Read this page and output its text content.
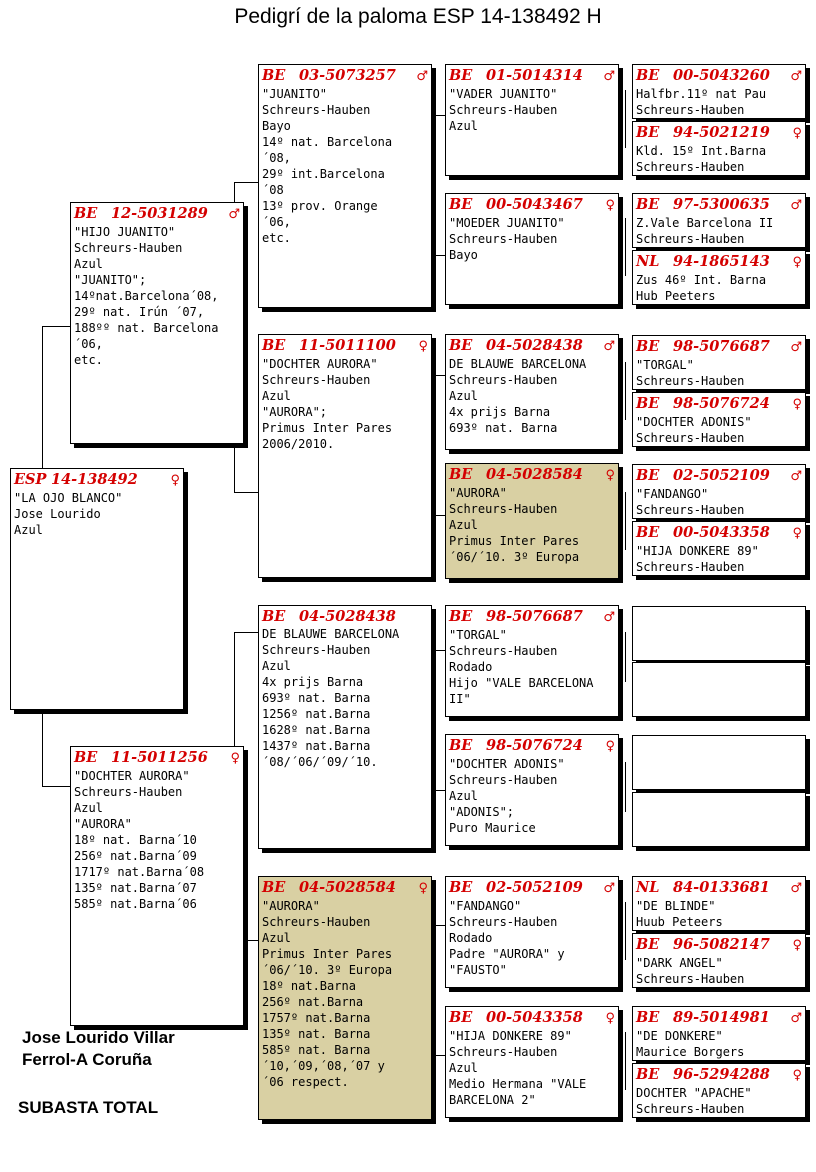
Pedigrí de la paloma ESP 14-138492 H
ESP 14-138492	♀
"LA OJO BLANCO"
Jose Lourido
Azul
BE 12-5031289 ♂
"HIJO JUANITO"
Schreurs-Hauben
Azul
"JUANITO";
14ºnat.Barcelona´08,
29º nat. Irún ´07,
188ºº nat. Barcelona
´06,
etc.
BE 11-5011256 ♀
"DOCHTER AURORA"
Schreurs-Hauben
Azul
"AURORA"
18º nat. Barna´10
256º nat.Barna´09
1717º nat.Barna´08
135º nat.Barna´07
585º nat.Barna´06
BE 03-5073257 ♂
"JUANITO"
Schreurs-Hauben
Bayo
14º nat. Barcelona
´08,
29º int.Barcelona
´08
13º prov. Orange
´06,
etc.
BE 11-5011100 ♀
"DOCHTER AURORA"
Schreurs-Hauben
Azul
"AURORA";
Primus Inter Pares
2006/2010.
BE 04-5028438
DE BLAUWE BARCELONA
Schreurs-Hauben
Azul
4x prijs Barna
693º nat. Barna
1256º nat.Barna
1628º nat.Barna
1437º nat.Barna
´08/´06/´09/´10.
BE 04-5028584 ♀
"AURORA"
Schreurs-Hauben
Azul
Primus Inter Pares
´06/´10. 3º Europa
18º nat.Barna
256º nat.Barna
1757º nat.Barna
135º nat. Barna
585º nat. Barna
´10,´09,´08,´07 y
´06 respect.
BE 01-5014314 ♂
"VADER JUANITO"
Schreurs-Hauben
Azul
BE 00-5043467 ♀
"MOEDER JUANITO"
Schreurs-Hauben
Bayo
BE 04-5028438 ♂
DE BLAUWE BARCELONA
Schreurs-Hauben
Azul
4x prijs Barna
693º nat. Barna
BE 04-5028584 ♀
"AURORA"
Schreurs-Hauben
Azul
Primus Inter Pares
´06/´10. 3º Europa
BE 98-5076687 ♂
"TORGAL"
Schreurs-Hauben
Rodado
Hijo "VALE BARCELONA
II"
BE 98-5076724 ♀
"DOCHTER ADONIS"
Schreurs-Hauben
Azul
"ADONIS";
Puro Maurice
BE 02-5052109 ♂
"FANDANGO"
Schreurs-Hauben
Rodado
Padre "AURORA" y
"FAUSTO"
BE 00-5043358 ♀
"HIJA DONKERE 89"
Schreurs-Hauben
Azul
Medio Hermana "VALE
BARCELONA 2"
BE 00-5043260 ♂
Halfbr.11º nat Pau
Schreurs-Hauben
BE 94-5021219 ♀
Kld. 15º Int.Barna
Schreurs-Hauben
BE 97-5300635 ♂
Z.Vale Barcelona II
Schreurs-Hauben
NL 94-1865143 ♀
Zus 46º Int. Barna
Hub Peeters
BE 98-5076687 ♂
"TORGAL"
Schreurs-Hauben
BE 98-5076724 ♀
"DOCHTER ADONIS"
Schreurs-Hauben
BE 02-5052109 ♂
"FANDANGO"
Schreurs-Hauben
BE 00-5043358 ♀
"HIJA DONKERE 89"
Schreurs-Hauben
NL 84-0133681 ♂
"DE BLINDE"
Huub Peteers
BE 96-5082147 ♀
"DARK ANGEL"
Schreurs-Hauben
BE 89-5014981 ♂
"DE DONKERE"
Maurice Borgers
BE 96-5294288 ♀
DOCHTER "APACHE"
Schreurs-Hauben
Jose Lourido Villar
Ferrol-A Coruña
SUBASTA TOTAL
